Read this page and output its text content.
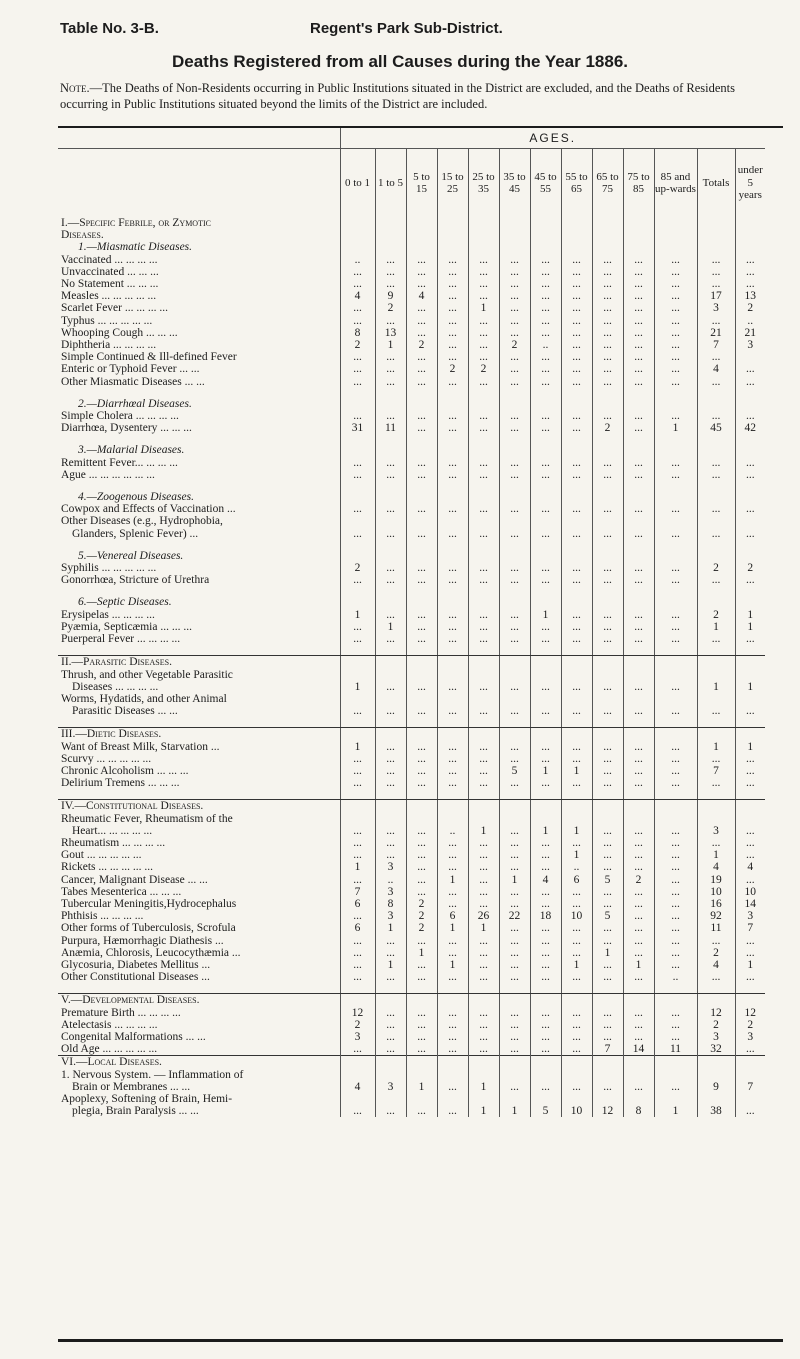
Table No. 3-B.	Regent's Park Sub-District.
Deaths Registered from all Causes during the Year 1886.
Note.—The Deaths of Non-Residents occurring in Public Institutions situated in the District are excluded, and the Deaths of Residents occurring in Public Institutions situated beyond the limits of the District are included.
	AGES.												
	0 to 1	1 to 5	5 to 15	15 to 25	25 to 35	35 to 45	45 to 55	55 to 65	65 to 75	75 to 85	85 and up-wards	Totals	under 5 years
I.—Specific Febrile, or Zymotic													
Diseases.													
1.—Miasmatic Diseases.													
Vaccinated ... ... ... ...	..	...	...	...	...	...	...	...	...	...	...	...	...
Unvaccinated ... ... ...	...	...	...	...	...	...	...	...	...	...	...	...	...
No Statement ... ... ...	...	...	...	...	...	...	...	...	...	...	...	...	...
Measles ... ... ... ... ...	4	9	4	...	...	...	...	...	...	...	...	17	13
Scarlet Fever ... ... ... ...	...	2	...	...	1	...	...	...	...	...	...	3	2
Typhus ... ... ... ... ...	...	...	...	...	...	...	...	...	...	...	...	...	..
Whooping Cough ... ... ...	8	13	...	...	...	...	...	...	...	...	...	21	21
Diphtheria ... ... ... ...	2	1	2	...	...	2	..	...	...	...	...	7	3
Simple Continued & Ill-defined Fever	...	...	...	...	...	...	...	...	...	...	...	...	
Enteric or Typhoid Fever ... ...	...	...	...	2	2	...	...	...	...	...	...	4	...
Other Miasmatic Diseases ... ...	...	...	...	...	...	...	...	...	...	...	...	...	...

2.—Diarrhœal Diseases.													
Simple Cholera ... ... ... ...	...	...	...	...	...	...	...	...	...	...	...	...	...
Diarrhœa, Dysentery ... ... ...	31	11	...	...	...	...	...	...	2	...	1	45	42

3.—Malarial Diseases.													
Remittent Fever... ... ... ...	...	...	...	...	...	...	...	...	...	...	...	...	...
Ague ... ... ... ... ... ...	...	...	...	...	...	...	...	...	...	...	...	...	...

4.—Zoogenous Diseases.													
Cowpox and Effects of Vaccination ...	...	...	...	...	...	...	...	...	...	...	...	...	...
Other Diseases (e.g., Hydrophobia,													
Glanders, Splenic Fever) ...	...	...	...	...	...	...	...	...	...	...	...	...	...

5.—Venereal Diseases.													
Syphilis ... ... ... ... ...	2	...	...	...	...	...	...	...	...	...	...	2	2
Gonorrhœa, Stricture of Urethra	...	...	...	...	...	...	...	...	...	...	...	...	...

6.—Septic Diseases.													
Erysipelas ... ... ... ...	1	...	...	...	...	...	1	...	...	...	...	2	1
Pyæmia, Septicæmia ... ... ...	...	1	...	...	...	...	...	...	...	...	...	1	1
Puerperal Fever ... ... ... ...	...	...	...	...	...	...	...	...	...	...	...	...	...

II.—Parasitic Diseases.													
Thrush, and other Vegetable Parasitic													
Diseases ... ... ... ...	1	...	...	...	...	...	...	...	...	...	...	1	1
Worms, Hydatids, and other Animal													
Parasitic Diseases ... ...	...	...	...	...	...	...	...	...	...	...	...	...	...

III.—Dietic Diseases.													
Want of Breast Milk, Starvation ...	1	...	...	...	...	...	...	...	...	...	...	1	1
Scurvy ... ... ... ... ...	...	...	...	...	...	...	...	...	...	...	...	...	...
Chronic Alcoholism ... ... ...	...	...	...	...	...	5	1	1	...	...	...	7	...
Delirium Tremens ... ... ...	...	...	...	...	...	...	...	...	...	...	...	...	...

IV.—Constitutional Diseases.													
Rheumatic Fever, Rheumatism of the													
Heart... ... ... ... ...	...	...	...	..	1	...	1	1	...	...	...	3	...
Rheumatism ... ... ... ...	...	...	...	...	...	...	...	...	...	...	...	...	...
Gout ... ... ... ... ...	...	...	...	...	...	...	...	1	...	...	...	1	...
Rickets ... ... ... ... ...	1	3	...	...	...	...	...	..	...	...	...	4	4
Cancer, Malignant Disease ... ...	...	..	...	1	...	1	4	6	5	2	...	19	...
Tabes Mesenterica ... ... ...	7	3	...	...	...	...	...	...	...	...	...	10	10
Tubercular Meningitis,Hydrocephalus	6	8	2	...	...	...	...	...	...	...	...	16	14
Phthisis ... ... ... ...	...	3	2	6	26	22	18	10	5	...	...	92	3
Other forms of Tuberculosis, Scrofula	6	1	2	1	1	...	...	...	...	...	...	11	7
Purpura, Hæmorrhagic Diathesis ...	...	...	...	...	...	...	...	...	...	...	...	...	...
Anæmia, Chlorosis, Leucocythæmia ...	...	...	1	...	...	...	...	...	1	...	...	2	...
Glycosuria, Diabetes Mellitus ...	...	1	...	1	...	...	...	1	...	1	...	4	1
Other Constitutional Diseases ...	...	...	...	...	...	...	...	...	...	...	..	...	...

V.—Developmental Diseases.													
Premature Birth ... ... ... ...	12	...	...	...	...	...	...	...	...	...	...	12	12
Atelectasis ... ... ... ...	2	...	...	...	...	...	...	...	...	...	...	2	2
Congenital Malformations ... ...	3	...	...	...	...	...	...	...	...	...	...	3	3
Old Age ... ... ... ... ...	...	...	...	...	...	...	...	...	7	14	11	32	...
VI.—Local Diseases.													
1. Nervous System. — Inflammation of													
Brain or Membranes ... ...	4	3	1	...	1	...	...	...	...	...	...	9	7
Apoplexy, Softening of Brain, Hemi-													
plegia, Brain Paralysis ... ...	...	...	...	...	1	1	5	10	12	8	1	38	...
